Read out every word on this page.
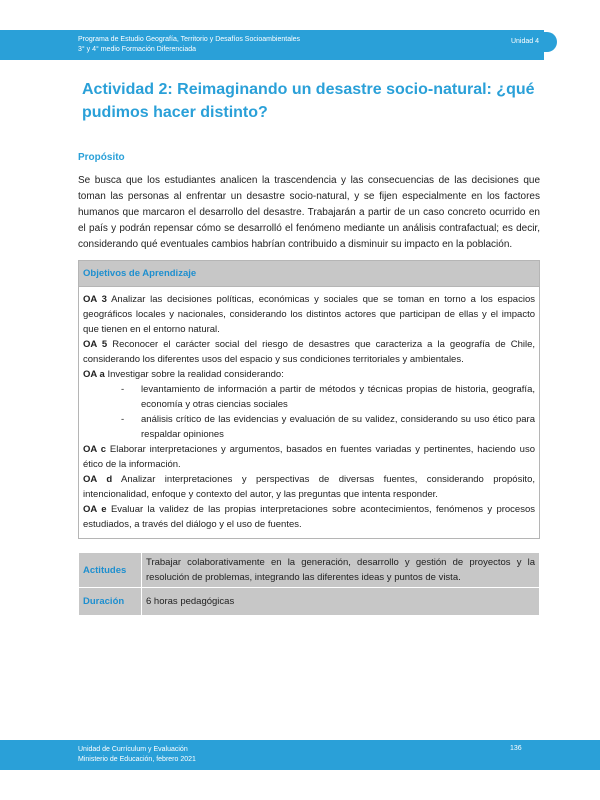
Programa de Estudio Geografía, Territorio y Desafíos Socioambientales
3° y 4° medio Formación Diferenciada
Unidad 4
Actividad 2: Reimaginando un desastre socio-natural: ¿qué pudimos hacer distinto?
Propósito
Se busca que los estudiantes analicen la trascendencia y las consecuencias de las decisiones que toman las personas al enfrentar un desastre socio-natural, y se fijen especialmente en los factores humanos que marcaron el desarrollo del desastre. Trabajarán a partir de un caso concreto ocurrido en el país y podrán repensar cómo se desarrolló el fenómeno mediante un análisis contrafactual; es decir, considerando qué eventuales cambios habrían contribuido a disminuir su impacto en la población.
Objetivos de Aprendizaje

OA 3 Analizar las decisiones políticas, económicas y sociales que se toman en torno a los espacios geográficos locales y nacionales, considerando los distintos actores que participan de ellas y el impacto que tienen en el entorno natural.

OA 5 Reconocer el carácter social del riesgo de desastres que caracteriza a la geografía de Chile, considerando los diferentes usos del espacio y sus condiciones territoriales y ambientales.

OA a Investigar sobre la realidad considerando:

- levantamiento de información a partir de métodos y técnicas propias de historia, geografía, economía y otras ciencias sociales

- análisis crítico de las evidencias y evaluación de su validez, considerando su uso ético para respaldar opiniones

OA c Elaborar interpretaciones y argumentos, basados en fuentes variadas y pertinentes, haciendo uso ético de la información.

OA d Analizar interpretaciones y perspectivas de diversas fuentes, considerando propósito, intencionalidad, enfoque y contexto del autor, y las preguntas que intenta responder.

OA e Evaluar la validez de las propias interpretaciones sobre acontecimientos, fenómenos y procesos estudiados, a través del diálogo y el uso de fuentes.

Actitudes	Trabajar colaborativamente en la generación, desarrollo y gestión de proyectos y la resolución de problemas, integrando las diferentes ideas y puntos de vista.
Duración	6 horas pedagógicas
Unidad de Currículum y Evaluación
Ministerio de Educación, febrero 2021
136
